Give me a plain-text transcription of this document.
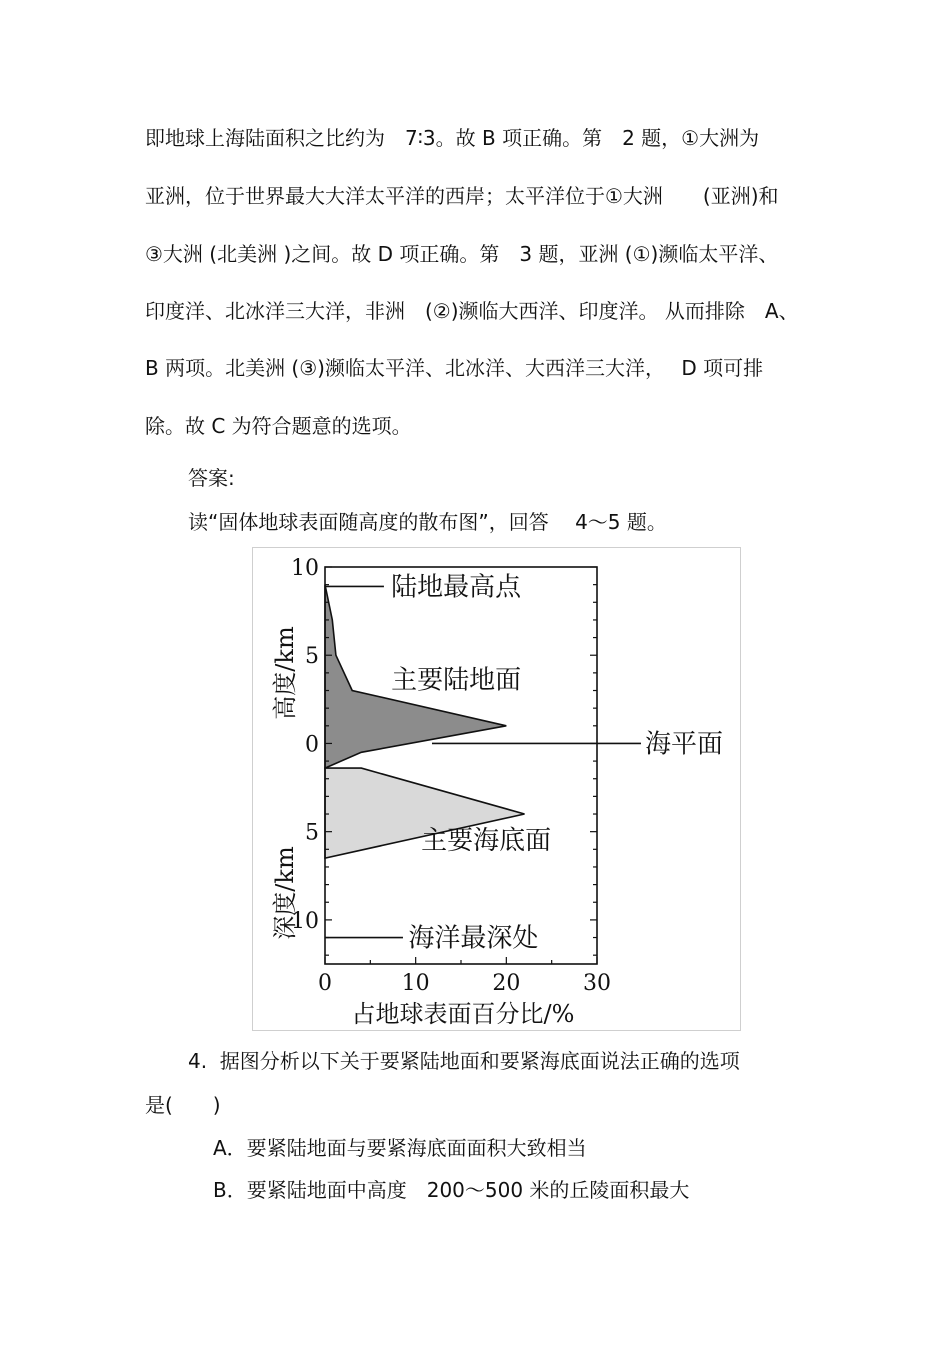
即地球上海陆面积之比约为　7∶3。故 B 项正确。第　2 题，①大洲为
亚洲，位于世界最大大洋太平洋的西岸；太平洋位于①大洲　　(亚洲)和
③大洲 (北美洲 )之间。故 D 项正确。第　3 题，亚洲 (①)濒临太平洋、
印度洋、北冰洋三大洋，非洲　(②)濒临大西洋、印度洋。 从而排除　A、
B 两项。北美洲 (③)濒临太平洋、北冰洋、大西洋三大洋，　 D 项可排
除。故 C 为符合题意的选项。
答案:
读“固体地球表面随高度的散布图”，回答　 4～5 题。
10
5
0
5
10
0	10	20	30
高度/km
深度/km
占地球表面百分比/%
陆地最高点
主要陆地面
海平面
主要海底面
海洋最深处
4.  据图分析以下关于要紧陆地面和要紧海底面说法正确的选项
是(　　)
A．要紧陆地面与要紧海底面面积大致相当
B．要紧陆地面中高度　200～500 米的丘陵面积最大
